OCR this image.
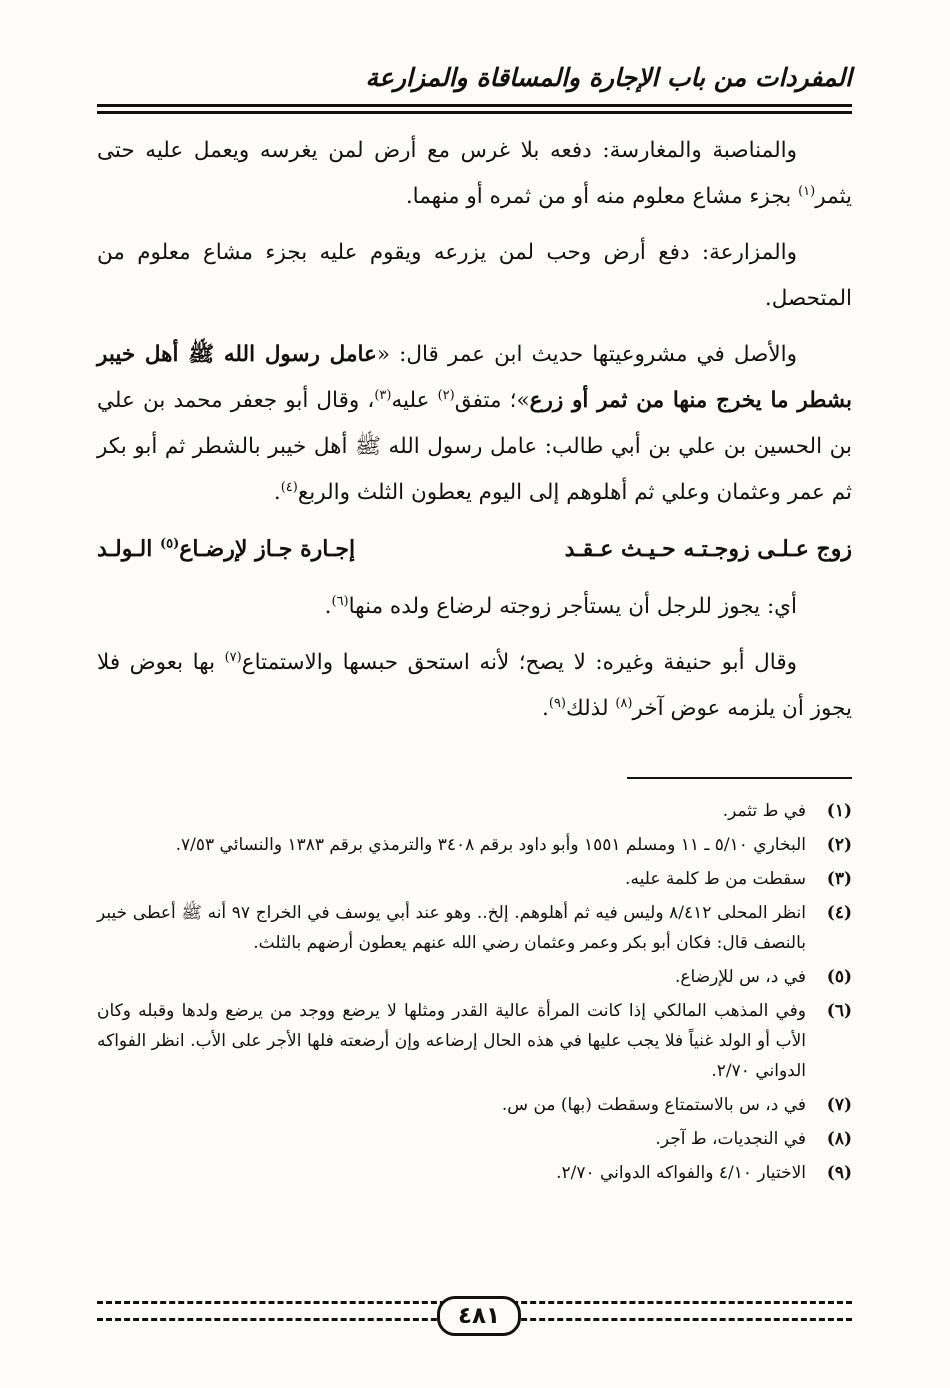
المفردات من باب الإجارة والمساقاة والمزارعة

والمناصبة والمغارسة: دفعه بلا غرس مع أرض لمن يغرسه ويعمل عليه حتى يثمر$^{(١)}$ بجزء مشاع معلوم منه أو من ثمره أو منهما.

والمزارعة: دفع أرض وحب لمن يزرعه ويقوم عليه بجزء مشاع معلوم من المتحصل.

والأصل في مشروعيتها حديث ابن عمر قال: «عامل رسول الله ﷺ أهل خيبر بشطر ما يخرج منها من ثمر أو زرع»؛ متفق$^{(٢)}$ عليه$^{(٣)}$، وقال أبو جعفر محمد بن علي بن الحسين بن علي بن أبي طالب: عامل رسول الله ﷺ أهل خيبر بالشطر ثم أبو بكر ثم عمر وعثمان وعلي ثم أهلوهم إلى اليوم يعطون الثلث والربع$^{(٤)}$.

زوج عـلـى زوجـتـه حـيـث عـقـد
إجـارة جـاز لإرضـاع$^{(٥)}$ الـولـد

أي: يجوز للرجل أن يستأجر زوجته لرضاع ولده منها$^{(٦)}$.

وقال أبو حنيفة وغيره: لا يصح؛ لأنه استحق حبسها والاستمتاع$^{(٧)}$ بها بعوض فلا يجوز أن يلزمه عوض آخر$^{(٨)}$ لذلك$^{(٩)}$.

(١)
في ط تثمر.
(٢)
البخاري ٥/١٠ ـ ١١ ومسلم ١٥٥١ وأبو داود برقم ٣٤٠٨ والترمذي برقم ١٣٨٣ والنسائي ٧/٥٣.
(٣)
سقطت من ط كلمة عليه.
(٤)
انظر المحلى ٨/٤١٢ وليس فيه ثم أهلوهم. إلخ.. وهو عند أبي يوسف في الخراج ٩٧ أنه ﷺ أعطى خيبر بالنصف قال: فكان أبو بكر وعمر وعثمان رضي الله عنهم يعطون أرضهم بالثلث.
(٥)
في د، س للإرضاع.
(٦)
وفي المذهب المالكي إذا كانت المرأة عالية القدر ومثلها لا يرضع ووجد من يرضع ولدها وقبله وكان الأب أو الولد غنياً فلا يجب عليها في هذه الحال إرضاعه وإن أرضعته فلها الأجر على الأب. انظر الفواكه الدواني ٢/٧٠.
(٧)
في د، س بالاستمتاع وسقطت (بها) من س.
(٨)
في النجديات، ط آجر.
(٩)
الاختيار ٤/١٠ والفواكه الدواني ٢/٧٠.
٤٨١
